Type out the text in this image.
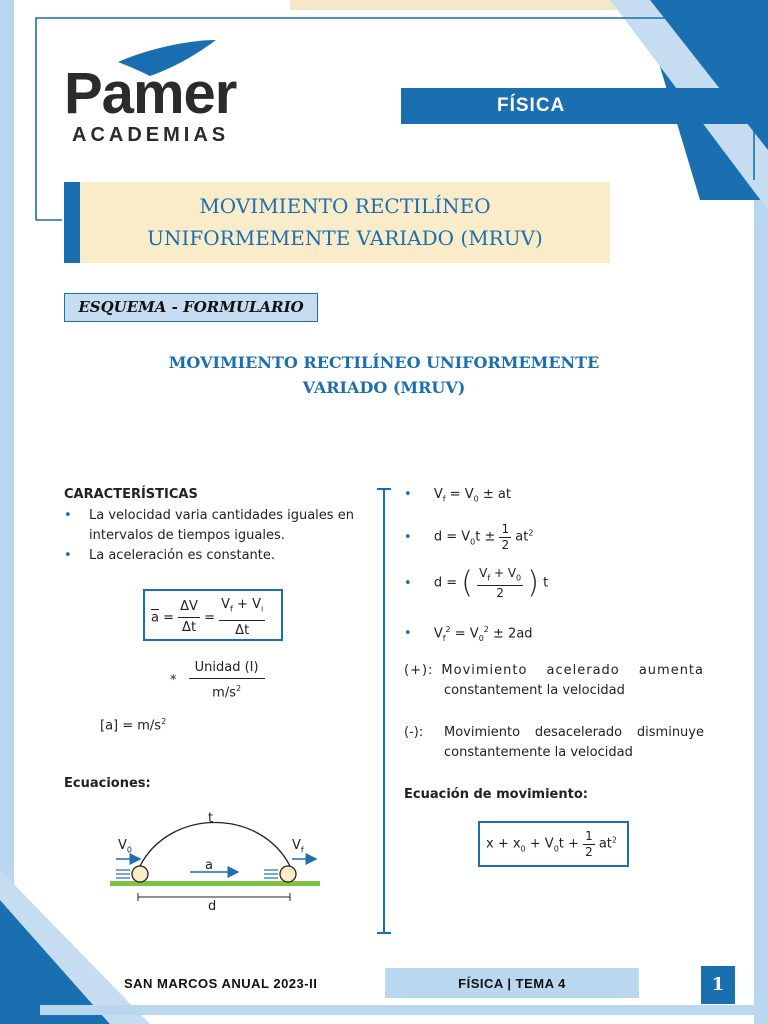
Pamer
ACADEMIAS
FÍSICA
MOVIMIENTO RECTILÍNEO
UNIFORMEMENTE VARIADO (MRUV)
ESQUEMA - FORMULARIO
MOVIMIENTO RECTILÍNEO UNIFORMEMENTE
VARIADO (MRUV)
CARACTERÍSTICAS
•	La velocidad varia cantidades iguales en intervalos de tiempos iguales.
•	La aceleración es constante.
$\overline{a} = \frac{\Delta V}{\Delta t} = \frac{V_f + V_i}{\Delta t}$
* $\frac{\text{Unidad (I)}}{m/s^2}$
$[a] = m/s^2$
Ecuaciones:
t
a
d
$V_0$	$V_f$
• $V_f = V_0$ ± at
• $d = V_0t \pm \frac{1}{2} at^2$
• d = ( $\frac{V_f + V_0}{2}$ ) t
• $V_f^2 = V_0^2 \pm 2ad$
(+): Movimiento acelerado aumenta
constantement la velocidad
(-):	Movimiento desacelerado disminuye
constantemente la velocidad
Ecuación de movimiento:
$x + x_0 + V_0t + \frac{1}{2} at^2$
SAN MARCOS ANUAL 2023-II	FÍSICA | TEMA 4	1
